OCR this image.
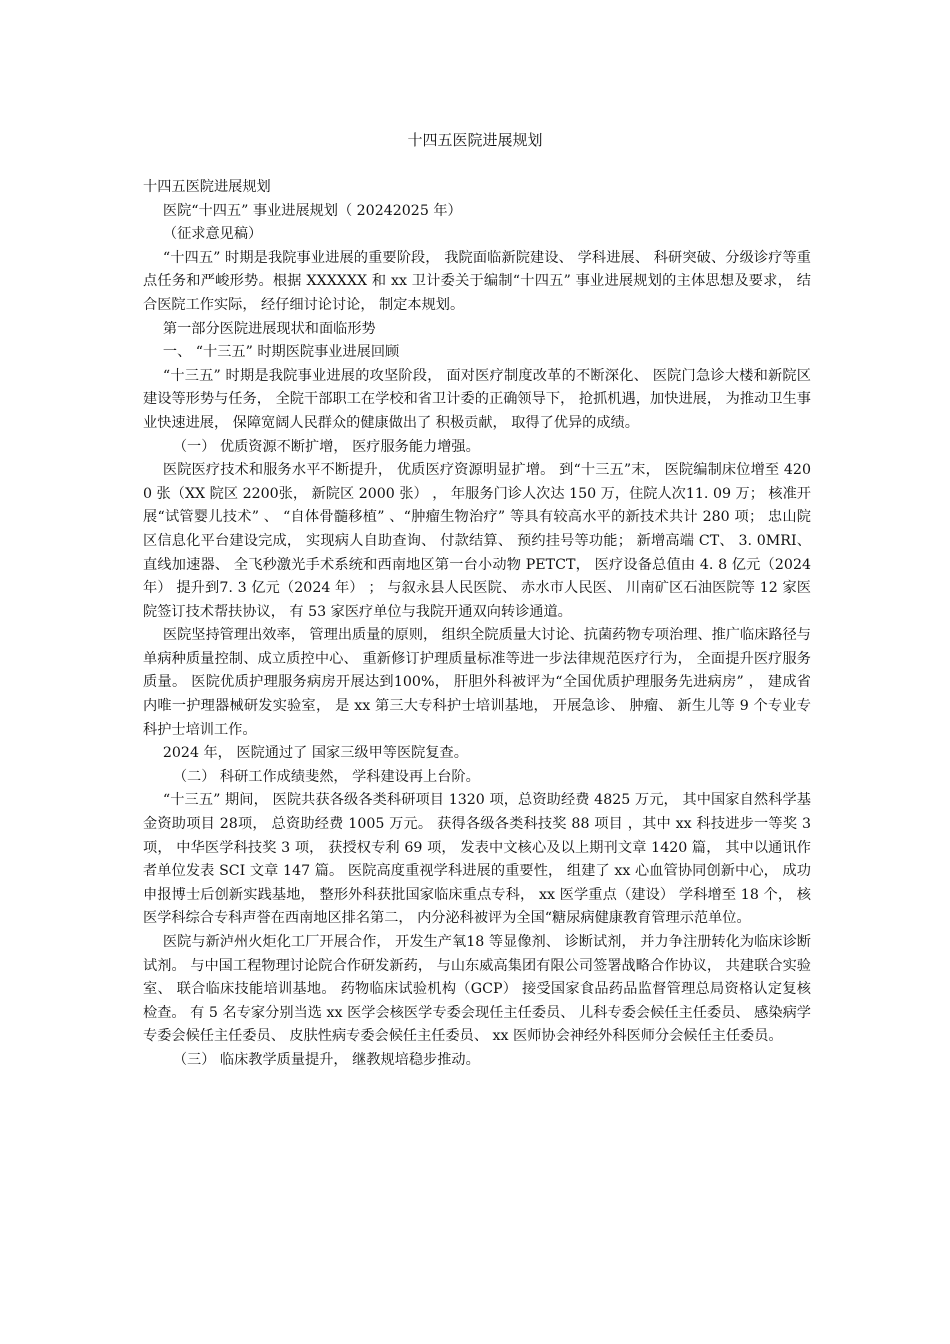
十四五医院进展规划

十四五医院进展规划

医院“十四五” 事业进展规划（ 20242025 年）

（征求意见稿）

“十四五” 时期是我院事业进展的重要阶段， 我院面临新院建设、 学科进展、 科研突破、分级诊疗等重点任务和严峻形势。根据 XXXXXX 和 xx 卫计委关于编制“十四五” 事业进展规划的主体思想及要求， 结合医院工作实际， 经仔细讨论讨论， 制定本规划。

第一部分医院进展现状和面临形势

一、 “十三五” 时期医院事业进展回顾

“十三五” 时期是我院事业进展的攻坚阶段， 面对医疗制度改革的不断深化、 医院门急诊大楼和新院区建设等形势与任务， 全院干部职工在学校和省卫计委的正确领导下， 抢抓机遇，加快进展， 为推动卫生事业快速进展， 保障宽阔人民群众的健康做出了 积极贡献， 取得了优异的成绩。

（一） 优质资源不断扩增， 医疗服务能力增强。

医院医疗技术和服务水平不断提升， 优质医疗资源明显扩增。 到“十三五”末， 医院编制床位增至 4200 张（XX 院区 2200张， 新院区 2000 张） ， 年服务门诊人次达 150 万，住院人次11. 09 万； 核准开展“试管婴儿技术” 、 “自体骨髓移植” 、“肿瘤生物治疗” 等具有较高水平的新技术共计 280 项； 忠山院区信息化平台建设完成， 实现病人自助查询、 付款结算、 预约挂号等功能； 新增高端 CT、 3. 0MRI、 直线加速器、 全飞秒激光手术系统和西南地区第一台小动物 PETCT， 医疗设备总值由 4. 8 亿元（2024 年） 提升到7. 3 亿元（2024 年） ； 与叙永县人民医院、 赤水市人民医、 川南矿区石油医院等 12 家医院签订技术帮扶协议， 有 53 家医疗单位与我院开通双向转诊通道。

医院坚持管理出效率， 管理出质量的原则， 组织全院质量大讨论、抗菌药物专项治理、推广临床路径与单病种质量控制、成立质控中心、 重新修订护理质量标准等进一步法律规范医疗行为， 全面提升医疗服务质量。 医院优质护理服务病房开展达到100%， 肝胆外科被评为“全国优质护理服务先进病房” ， 建成省内唯一护理器械研发实验室， 是 xx 第三大专科护士培训基地， 开展急诊、 肿瘤、 新生儿等 9 个专业专科护士培训工作。

2024 年， 医院通过了 国家三级甲等医院复查。

（二） 科研工作成绩斐然， 学科建设再上台阶。

“十三五” 期间， 医院共获各级各类科研项目 1320 项，总资助经费 4825 万元， 其中国家自然科学基金资助项目 28项， 总资助经费 1005 万元。 获得各级各类科技奖 88 项目 ，其中 xx 科技进步一等奖 3 项， 中华医学科技奖 3 项， 获授权专利 69 项， 发表中文核心及以上期刊文章 1420 篇， 其中以通讯作者单位发表 SCI 文章 147 篇。 医院高度重视学科进展的重要性， 组建了 xx 心血管协同创新中心， 成功申报博士后创新实践基地， 整形外科获批国家临床重点专科， xx 医学重点（建设） 学科增至 18 个， 核医学科综合专科声誉在西南地区排名第二， 内分泌科被评为全国“糖尿病健康教育管理示范单位。

医院与新泸州火炬化工厂开展合作， 开发生产氧18 等显像剂、 诊断试剂， 并力争注册转化为临床诊断试剂。 与中国工程物理讨论院合作研发新药， 与山东威高集团有限公司签署战略合作协议， 共建联合实验室、 联合临床技能培训基地。 药物临床试验机构（GCP） 接受国家食品药品监督管理总局资格认定复核检查。 有 5 名专家分别当选 xx 医学会核医学专委会现任主任委员、 儿科专委会候任主任委员、 感染病学专委会候任主任委员、 皮肤性病专委会候任主任委员、 xx 医师协会神经外科医师分会候任主任委员。

（三） 临床教学质量提升， 继教规培稳步推动。
